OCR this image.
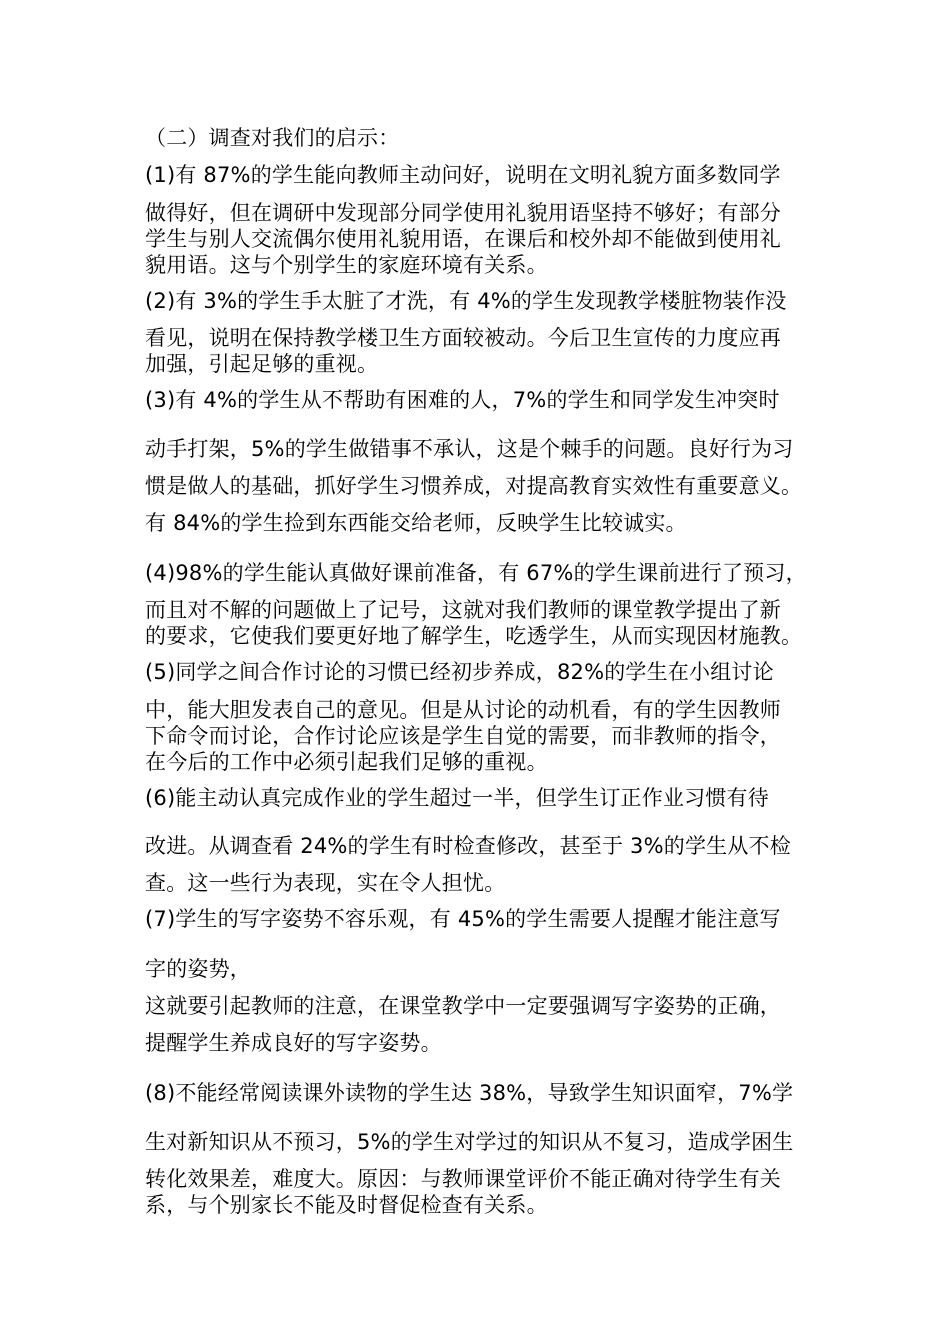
（二）调查对我们的启示：
(1)有 87%的学生能向教师主动问好，说明在文明礼貌方面多数同学
做得好，但在调研中发现部分同学使用礼貌用语坚持不够好；有部分
学生与别人交流偶尔使用礼貌用语，在课后和校外却不能做到使用礼
貌用语。这与个别学生的家庭环境有关系。
(2)有 3%的学生手太脏了才洗，有 4%的学生发现教学楼脏物装作没
看见，说明在保持教学楼卫生方面较被动。今后卫生宣传的力度应再
加强，引起足够的重视。
(3)有 4%的学生从不帮助有困难的人，7%的学生和同学发生冲突时
动手打架，5%的学生做错事不承认，这是个棘手的问题。良好行为习
惯是做人的基础，抓好学生习惯养成，对提高教育实效性有重要意义。
有 84%的学生捡到东西能交给老师，反映学生比较诚实。
(4)98%的学生能认真做好课前准备，有 67%的学生课前进行了预习，
而且对不解的问题做上了记号，这就对我们教师的课堂教学提出了新
的要求，它使我们要更好地了解学生，吃透学生，从而实现因材施教。
(5)同学之间合作讨论的习惯已经初步养成，82%的学生在小组讨论
中，能大胆发表自己的意见。但是从讨论的动机看，有的学生因教师
下命令而讨论，合作讨论应该是学生自觉的需要，而非教师的指令，
在今后的工作中必须引起我们足够的重视。
(6)能主动认真完成作业的学生超过一半，但学生订正作业习惯有待
改进。从调查看 24%的学生有时检查修改，甚至于 3%的学生从不检
查。这一些行为表现，实在令人担忧。
(7)学生的写字姿势不容乐观，有 45%的学生需要人提醒才能注意写
字的姿势，
这就要引起教师的注意，在课堂教学中一定要强调写字姿势的正确，
提醒学生养成良好的写字姿势。
(8)不能经常阅读课外读物的学生达 38%，导致学生知识面窄，7%学
生对新知识从不预习，5%的学生对学过的知识从不复习，造成学困生
转化效果差，难度大。原因：与教师课堂评价不能正确对待学生有关
系，与个别家长不能及时督促检查有关系。
